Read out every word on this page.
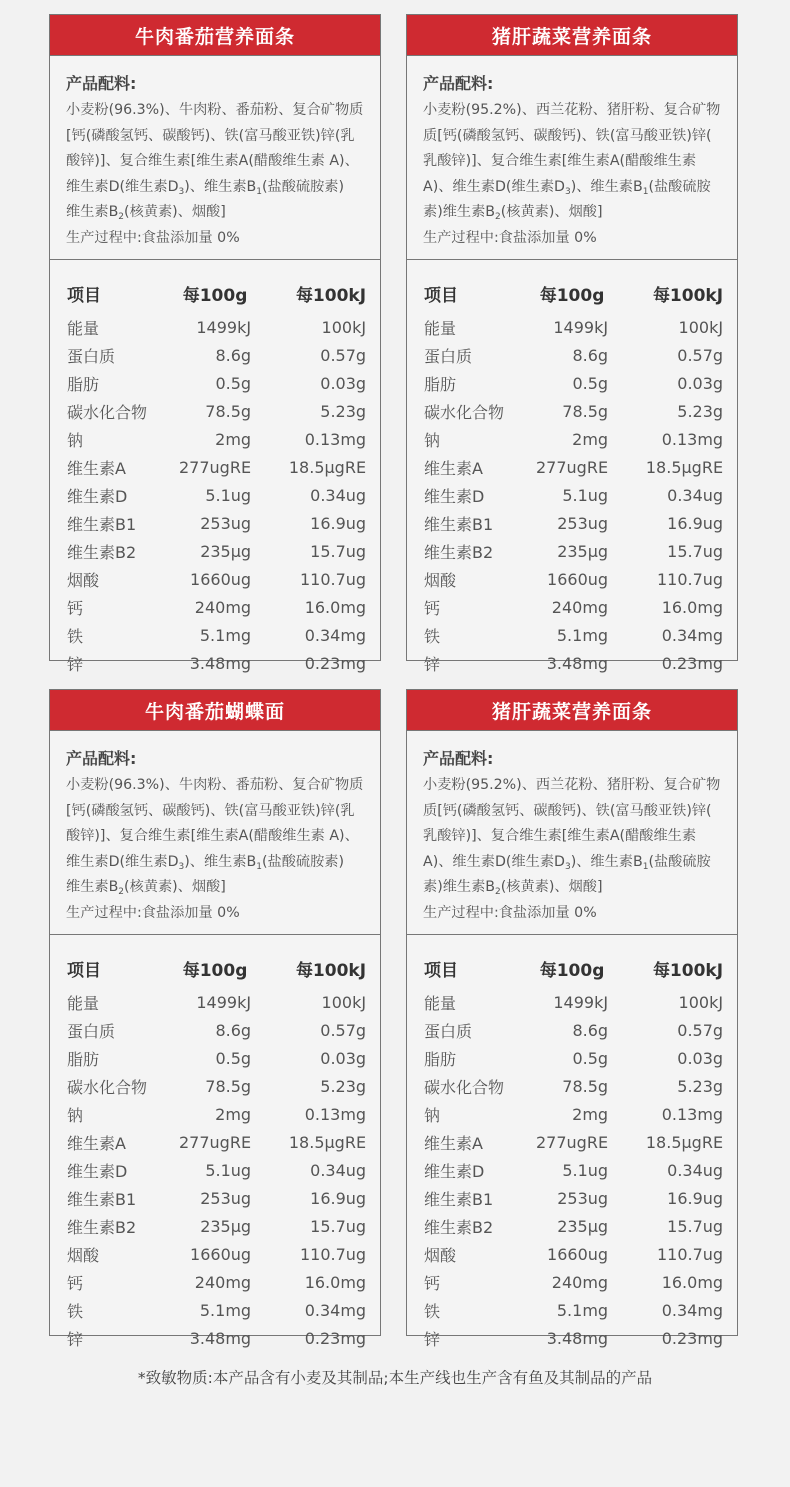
牛肉番茄营养面条
产品配料:
小麦粉(96.3%)、牛肉粉、番茄粉、复合矿物质
[钙(磷酸氢钙、碳酸钙)、铁(富马酸亚铁)锌(乳
酸锌)]、复合维生素[维生素A(醋酸维生素 A)、
维生素D(维生素$D_3$)、维生素$B_1$(盐酸硫胺素)
维生素$B_2$(核黄素)、烟酸]
生产过程中:食盐添加量 0%
项目	每100g	每100kJ
能量	1499kJ	100kJ
蛋白质	8.6g	0.57g
脂肪	0.5g	0.03g
碳水化合物	78.5g	5.23g
钠	2mg	0.13mg
维生素A	277ugRE	18.5μgRE
维生素D	5.1ug	0.34ug
维生素B1	253ug	16.9ug
维生素B2	235μg	15.7ug
烟酸	1660ug	110.7ug
钙	240mg	16.0mg
铁	5.1mg	0.34mg
锌	3.48mg	0.23mg
猪肝蔬菜营养面条
产品配料:
小麦粉(95.2%)、西兰花粉、猪肝粉、复合矿物
质[钙(磷酸氢钙、碳酸钙)、铁(富马酸亚铁)锌(
乳酸锌)]、复合维生素[维生素A(醋酸维生素
A)、维生素D(维生素$D_3$)、维生素$B_1$(盐酸硫胺
素)维生素$B_2$(核黄素)、烟酸]
生产过程中:食盐添加量 0%
项目	每100g	每100kJ
能量	1499kJ	100kJ
蛋白质	8.6g	0.57g
脂肪	0.5g	0.03g
碳水化合物	78.5g	5.23g
钠	2mg	0.13mg
维生素A	277ugRE	18.5μgRE
维生素D	5.1ug	0.34ug
维生素B1	253ug	16.9ug
维生素B2	235μg	15.7ug
烟酸	1660ug	110.7ug
钙	240mg	16.0mg
铁	5.1mg	0.34mg
锌	3.48mg	0.23mg
牛肉番茄蝴蝶面
产品配料:
小麦粉(96.3%)、牛肉粉、番茄粉、复合矿物质
[钙(磷酸氢钙、碳酸钙)、铁(富马酸亚铁)锌(乳
酸锌)]、复合维生素[维生素A(醋酸维生素 A)、
维生素D(维生素$D_3$)、维生素$B_1$(盐酸硫胺素)
维生素$B_2$(核黄素)、烟酸]
生产过程中:食盐添加量 0%
项目	每100g	每100kJ
能量	1499kJ	100kJ
蛋白质	8.6g	0.57g
脂肪	0.5g	0.03g
碳水化合物	78.5g	5.23g
钠	2mg	0.13mg
维生素A	277ugRE	18.5μgRE
维生素D	5.1ug	0.34ug
维生素B1	253ug	16.9ug
维生素B2	235μg	15.7ug
烟酸	1660ug	110.7ug
钙	240mg	16.0mg
铁	5.1mg	0.34mg
锌	3.48mg	0.23mg
猪肝蔬菜营养面条
产品配料:
小麦粉(95.2%)、西兰花粉、猪肝粉、复合矿物
质[钙(磷酸氢钙、碳酸钙)、铁(富马酸亚铁)锌(
乳酸锌)]、复合维生素[维生素A(醋酸维生素
A)、维生素D(维生素$D_3$)、维生素$B_1$(盐酸硫胺
素)维生素$B_2$(核黄素)、烟酸]
生产过程中:食盐添加量 0%
项目	每100g	每100kJ
能量	1499kJ	100kJ
蛋白质	8.6g	0.57g
脂肪	0.5g	0.03g
碳水化合物	78.5g	5.23g
钠	2mg	0.13mg
维生素A	277ugRE	18.5μgRE
维生素D	5.1ug	0.34ug
维生素B1	253ug	16.9ug
维生素B2	235μg	15.7ug
烟酸	1660ug	110.7ug
钙	240mg	16.0mg
铁	5.1mg	0.34mg
锌	3.48mg	0.23mg
*致敏物质:本产品含有小麦及其制品;本生产线也生产含有鱼及其制品的产品
